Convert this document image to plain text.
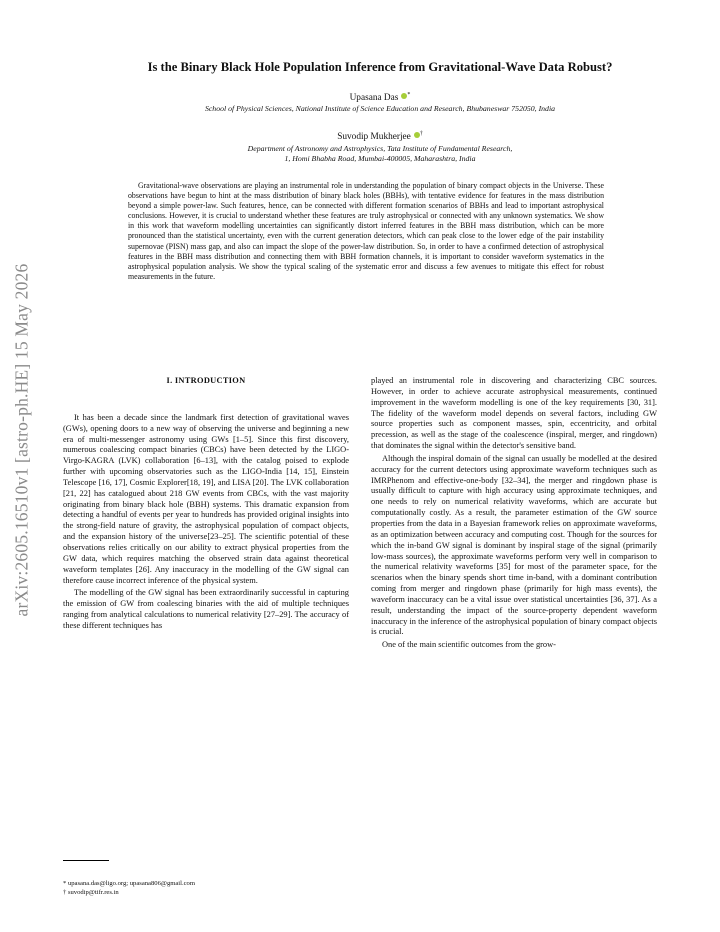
arXiv:2605.16510v1 [astro-ph.HE] 15 May 2026
Is the Binary Black Hole Population Inference from Gravitational-Wave Data Robust?
Upasana Das *
School of Physical Sciences, National Institute of Science Education and Research, Bhubaneswar 752050, India
Suvodip Mukherjee †
Department of Astronomy and Astrophysics, Tata Institute of Fundamental Research,
1, Homi Bhabha Road, Mumbai-400005, Maharashtra, India
Gravitational-wave observations are playing an instrumental role in understanding the population of binary compact objects in the Universe. These observations have begun to hint at the mass distribution of binary black holes (BBHs), with tentative evidence for features in the mass distribution beyond a simple power-law. Such features, hence, can be connected with different formation scenarios of BBHs and lead to important astrophysical conclusions. However, it is crucial to understand whether these features are truly astrophysical or connected with any unknown systematics. We show in this work that waveform modelling uncertainties can significantly distort inferred features in the BBH mass distribution, which can be more pronounced than the statistical uncertainty, even with the current generation detectors, which can peak close to the lower edge of the pair instability supernovae (PISN) mass gap, and also can impact the slope of the power-law distribution. So, in order to have a confirmed detection of astrophysical features in the BBH mass distribution and connecting them with BBH formation channels, it is important to consider waveform systematics in the astrophysical population analysis. We show the typical scaling of the systematic error and discuss a few avenues to mitigate this effect for robust measurements in the future.
I. INTRODUCTION

It has been a decade since the landmark first detection of gravitational waves (GWs), opening doors to a new way of observing the universe and beginning a new era of multi-messenger astronomy using GWs [1–5]. Since this first discovery, numerous coalescing compact binaries (CBCs) have been detected by the LIGO-Virgo-KAGRA (LVK) collaboration [6–13], with the catalog poised to explode further with upcoming observatories such as the LIGO-India [14, 15], Einstein Telescope [16, 17], Cosmic Explorer[18, 19], and LISA [20]. The LVK collaboration [21, 22] has catalogued about 218 GW events from CBCs, with the vast majority originating from binary black hole (BBH) systems. This dramatic expansion from detecting a handful of events per year to hundreds has provided original insights into the strong-field nature of gravity, the astrophysical population of compact objects, and the expansion history of the universe[23–25]. The scientific potential of these observations relies critically on our ability to extract physical properties from the GW data, which requires matching the observed strain data against theoretical waveform templates [26]. Any inaccuracy in the modelling of the GW signal can therefore cause incorrect inference of the physical system.

The modelling of the GW signal has been extraordinarily successful in capturing the emission of GW from coalescing binaries with the aid of multiple techniques ranging from analytical calculations to numerical relativity [27–29]. The accuracy of these different techniques has

played an instrumental role in discovering and characterizing CBC sources. However, in order to achieve accurate astrophysical measurements, continued improvement in the waveform modelling is one of the key requirements [30, 31]. The fidelity of the waveform model depends on several factors, including GW source properties such as component masses, spin, eccentricity, and orbital precession, as well as the stage of the coalescence (inspiral, merger, and ringdown) that dominates the signal within the detector's sensitive band.

Although the inspiral domain of the signal can usually be modelled at the desired accuracy for the current detectors using approximate waveform techniques such as IMRPhenom and effective-one-body [32–34], the merger and ringdown phase is usually difficult to capture with high accuracy using approximate techniques, and one needs to rely on numerical relativity waveforms, which are accurate but computationally costly. As a result, the parameter estimation of the GW source properties from the data in a Bayesian framework relies on approximate waveforms, as an optimization between accuracy and computing cost. Though for the sources for which the in-band GW signal is dominant by inspiral stage of the signal (primarily low-mass sources), the approximate waveforms perform very well in comparison to the numerical relativity waveforms [35] for most of the parameter space, for the scenarios when the binary spends short time in-band, with a dominant contribution coming from merger and ringdown phase (primarily for high mass events), the waveform inaccuracy can be a vital issue over statistical uncertainties [36, 37]. As a result, understanding the impact of the source-property dependent waveform inaccuracy in the inference of the astrophysical population of binary compact objects is crucial.

One of the main scientific outcomes from the grow-

* upasana.das@ligo.org; upasana806@gmail.com
† suvodip@tifr.res.in
